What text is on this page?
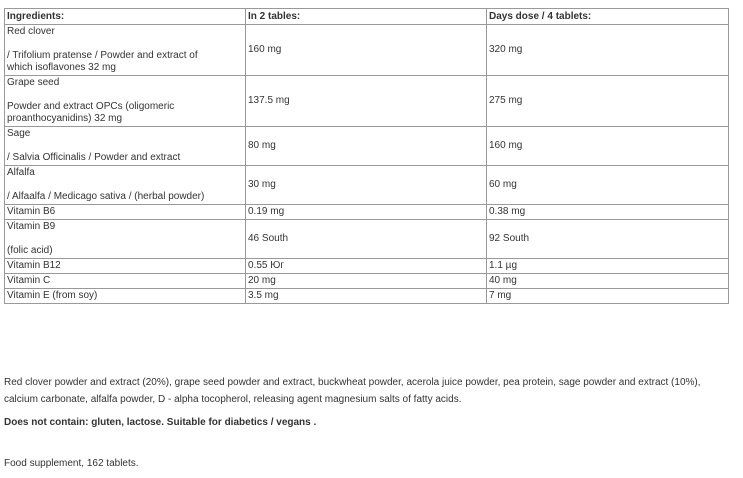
Ingredients:	In 2 tables:	Days dose / 4 tablets:

Red clover
/ Trifolium pratense / Powder and extract of
which isoflavones 32 mg	160 mg	320 mg

Grape seed
Powder and extract OPCs (oligomeric
proanthocyanidins) 32 mg	137.5 mg	275 mg

Sage
/ Salvia Officinalis / Powder and extract	80 mg	160 mg

Alfalfa
/ Alfaalfa / Medicago sativa / (herbal powder)	30 mg	60 mg

Vitamin B6	0.19 mg	0.38 mg

Vitamin B9
(folic acid)	46 South	92 South

Vitamin B12	0.55 Юг	1.1 µg

Vitamin C	20 mg	40 mg

Vitamin E (from soy)	3.5 mg	7 mg
Red clover powder and extract (20%), grape seed powder and extract, buckwheat powder, acerola juice powder, pea protein, sage powder and extract (10%), calcium carbonate, alfalfa powder, D - alpha tocopherol, releasing agent magnesium salts of fatty acids.
Does not contain: gluten, lactose. Suitable for diabetics / vegans .
Food supplement, 162 tablets.
